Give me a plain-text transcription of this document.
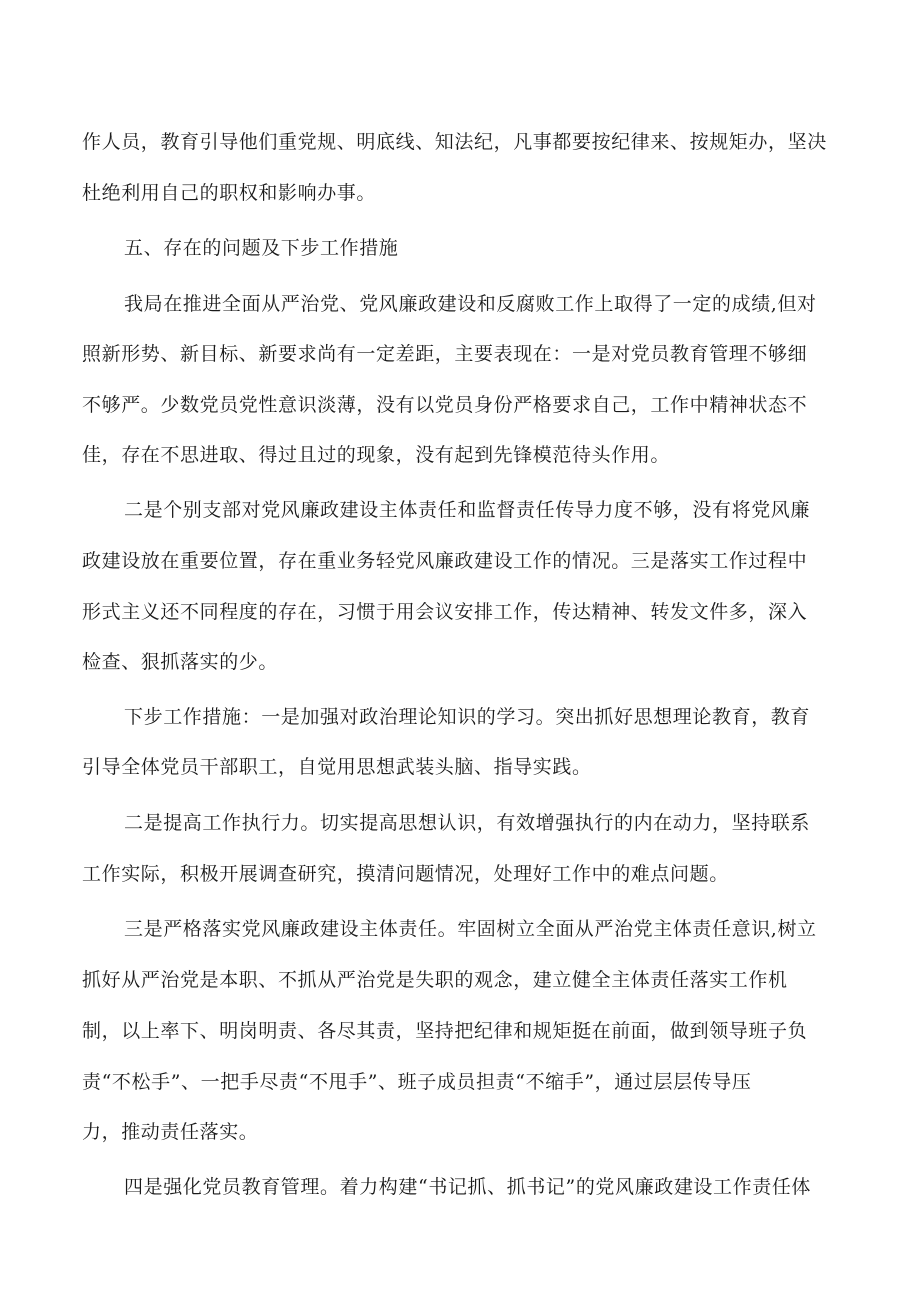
作人员，教育引导他们重党规、明底线、知法纪，凡事都要按纪律来、按规矩办，坚决
杜绝利用自己的职权和影响办事。
五、存在的问题及下步工作措施
我局在推进全面从严治党、党风廉政建设和反腐败工作上取得了一定的成绩,但对
照新形势、新目标、新要求尚有一定差距，主要表现在：一是对党员教育管理不够细
不够严。少数党员党性意识淡薄，没有以党员身份严格要求自己，工作中精神状态不
佳，存在不思进取、得过且过的现象，没有起到先锋模范待头作用。
二是个别支部对党风廉政建设主体责任和监督责任传导力度不够，没有将党风廉
政建设放在重要位置，存在重业务轻党风廉政建设工作的情况。三是落实工作过程中
形式主义还不同程度的存在，习惯于用会议安排工作，传达精神、转发文件多，深入
检查、狠抓落实的少。
下步工作措施：一是加强对政治理论知识的学习。突出抓好思想理论教育，教育
引导全体党员干部职工，自觉用思想武装头脑、指导实践。
二是提高工作执行力。切实提高思想认识，有效增强执行的内在动力，坚持联系
工作实际，积极开展调查研究，摸清问题情况，处理好工作中的难点问题。
三是严格落实党风廉政建设主体责任。牢固树立全面从严治党主体责任意识,树立
抓好从严治党是本职、不抓从严治党是失职的观念，建立健全主体责任落实工作机
制，以上率下、明岗明责、各尽其责，坚持把纪律和规矩挺在前面，做到领导班子负
责“不松手”、一把手尽责“不甩手”、班子成员担责“不缩手”，通过层层传导压
力，推动责任落实。
四是强化党员教育管理。着力构建“书记抓、抓书记”的党风廉政建设工作责任体
